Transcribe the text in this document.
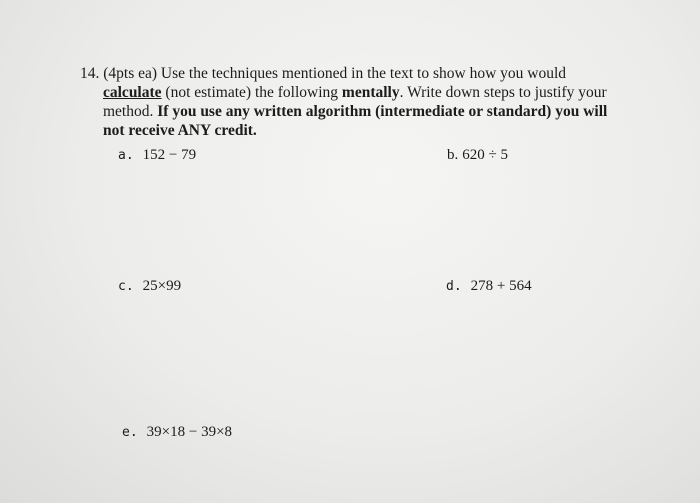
14. (4pts ea) Use the techniques mentioned in the text to show how you would
calculate (not estimate) the following mentally. Write down steps to justify your
method. If you use any written algorithm (intermediate or standard) you will
not receive ANY credit.
a. 152 − 79	b. 620 ÷ 5
c. 25×99	d. 278 + 564
e. 39×18 − 39×8
